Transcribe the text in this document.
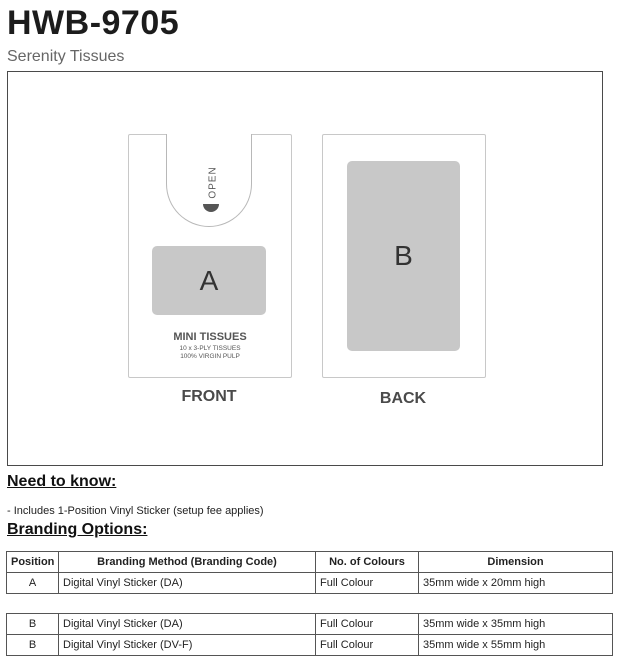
HWB-9705
Serenity Tissues
OPEN
A
MINI TISSUES
10 x 3-PLY TISSUES
100% VIRGIN PULP
B
FRONT	BACK
Need to know:
- Includes 1-Position Vinyl Sticker (setup fee applies)
Branding Options:
Position	Branding Method (Branding Code)	No. of Colours	Dimension
A	Digital Vinyl Sticker (DA)	Full Colour	35mm wide x 20mm high
B	Digital Vinyl Sticker (DA)	Full Colour	35mm wide x 35mm high
B	Digital Vinyl Sticker (DV-F)	Full Colour	35mm wide x 55mm high
